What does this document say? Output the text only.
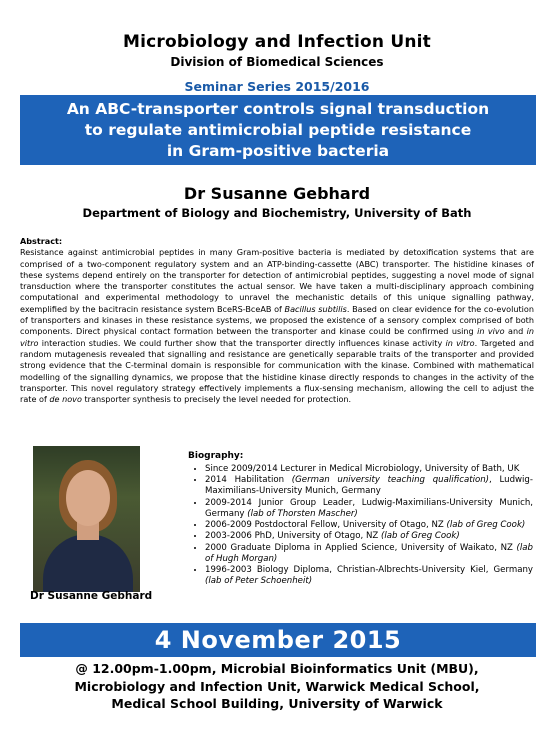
Microbiology and Infection Unit
Division of Biomedical Sciences
Seminar Series 2015/2016
An ABC-transporter controls signal transduction
to regulate antimicrobial peptide resistance
in Gram-positive bacteria
Dr Susanne Gebhard
Department of Biology and Biochemistry, University of Bath
Abstract:
Resistance against antimicrobial peptides in many Gram-positive bacteria is mediated by detoxification systems that are comprised of a two-component regulatory system and an ATP-binding-cassette (ABC) transporter. The histidine kinases of these systems depend entirely on the transporter for detection of antimicrobial peptides, suggesting a novel mode of signal transduction where the transporter constitutes the actual sensor. We have taken a multi-disciplinary approach combining computational and experimental methodology to unravel the mechanistic details of this unique signalling pathway, exemplified by the bacitracin resistance system BceRS-BceAB of Bacillus subtilis. Based on clear evidence for the co-evolution of transporters and kinases in these resistance systems, we proposed the existence of a sensory complex comprised of both components. Direct physical contact formation between the transporter and kinase could be confirmed using in vivo and in vitro interaction studies. We could further show that the transporter directly influences kinase activity in vitro. Targeted and random mutagenesis revealed that signalling and resistance are genetically separable traits of the transporter and provided strong evidence that the C-terminal domain is responsible for communication with the kinase. Combined with mathematical modelling of the signalling dynamics, we propose that the histidine kinase directly responds to changes in the activity of the transporter. This novel regulatory strategy effectively implements a flux-sensing mechanism, allowing the cell to adjust the rate of de novo transporter synthesis to precisely the level needed for protection.
Dr Susanne Gebhard
Biography:
• Since 2009/2014 Lecturer in Medical Microbiology, University of Bath, UK
• 2014 Habilitation (German university teaching qualification), Ludwig-Maximilians-University Munich, Germany
• 2009-2014 Junior Group Leader, Ludwig-Maximilians-University Munich, Germany (lab of Thorsten Mascher)
• 2006-2009 Postdoctoral Fellow, University of Otago, NZ (lab of Greg Cook)
• 2003-2006 PhD, University of Otago, NZ (lab of Greg Cook)
• 2000 Graduate Diploma in Applied Science, University of Waikato, NZ (lab of Hugh Morgan)
• 1996-2003 Biology Diploma, Christian-Albrechts-University Kiel, Germany (lab of Peter Schoenheit)
4 November 2015
@ 12.00pm-1.00pm, Microbial Bioinformatics Unit (MBU),
Microbiology and Infection Unit, Warwick Medical School,
Medical School Building, University of Warwick
